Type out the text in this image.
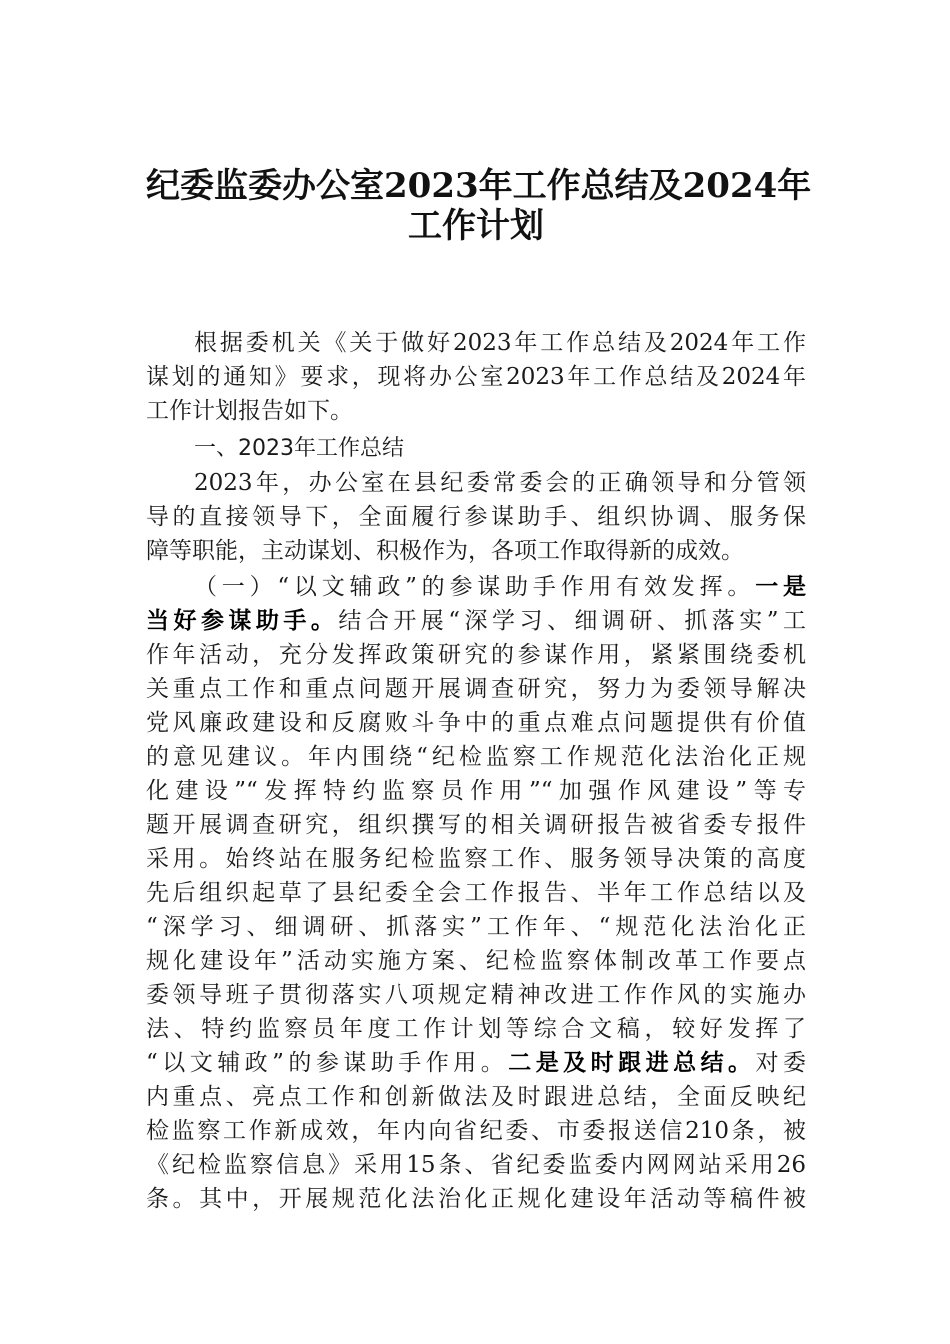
纪委监委办公室2023年工作总结及2024年
工作计划
根据委机关《关于做好2023年工作总结及2024年工作
谋划的通知》要求，现将办公室2023年工作总结及2024年
工作计划报告如下。
一、2023年工作总结
2023年，办公室在县纪委常委会的正确领导和分管领
导的直接领导下，全面履行参谋助手、组织协调、服务保
障等职能，主动谋划、积极作为，各项工作取得新的成效。
（一）“以文辅政”的参谋助手作用有效发挥。一是
当好参谋助手。结合开展“深学习、细调研、抓落实”工
作年活动，充分发挥政策研究的参谋作用，紧紧围绕委机
关重点工作和重点问题开展调查研究，努力为委领导解决
党风廉政建设和反腐败斗争中的重点难点问题提供有价值
的意见建议。年内围绕“纪检监察工作规范化法治化正规
化建设”“发挥特约监察员作用”“加强作风建设”等专
题开展调查研究，组织撰写的相关调研报告被省委专报件
采用。始终站在服务纪检监察工作、服务领导决策的高度
先后组织起草了县纪委全会工作报告、半年工作总结以及
“深学习、细调研、抓落实”工作年、“规范化法治化正
规化建设年”活动实施方案、纪检监察体制改革工作要点
委领导班子贯彻落实八项规定精神改进工作作风的实施办
法、特约监察员年度工作计划等综合文稿，较好发挥了
“以文辅政”的参谋助手作用。二是及时跟进总结。对委
内重点、亮点工作和创新做法及时跟进总结，全面反映纪
检监察工作新成效，年内向省纪委、市委报送信210条，被
《纪检监察信息》采用15条、省纪委监委内网网站采用26
条。其中，开展规范化法治化正规化建设年活动等稿件被
